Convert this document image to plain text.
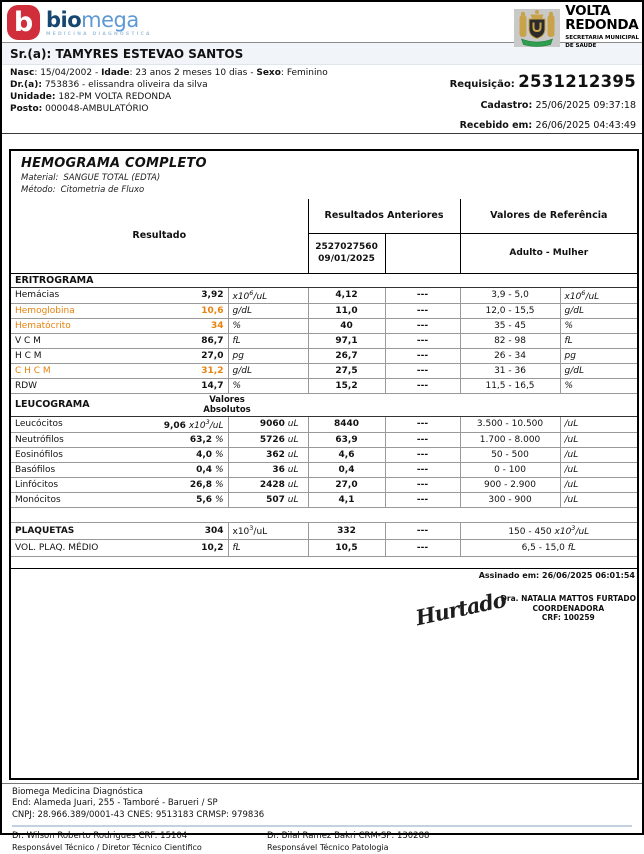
b biomega
MEDICINA DIAGNÓSTICA
VOLTA
REDONDA
SECRETARIA MUNICIPAL
DE SAUDE
Sr.(a): TAMYRES ESTEVAO SANTOS
Nasc: 15/04/2002 - Idade: 23 anos 2 meses 10 dias - Sexo: Feminino
Dr.(a): 753836 - elissandra oliveira da silva
Unidade: 182-PM VOLTA REDONDA
Posto: 000048-AMBULATÓRIO
Requisição: 2531212395
Cadastro: 25/06/2025 09:37:18
Recebido em: 26/06/2025 04:43:49
HEMOGRAMA COMPLETO
Material: SANGUE TOTAL (EDTA)
Método: Citometria de Fluxo
Resultado			Resultados Anteriores		Valores de Referência	

			2527027560
09/01/2025		Adulto - Mulher	
ERITROGRAMA						
Hemácias	3,92	$x10^6/uL$	4,12	---	3,9 - 5,0	$x10^6/uL$
Hemoglobina	10,6	g/dL	11,0	---	12,0 - 15,5	g/dL
Hematócrito	34	%	40	---	35 - 45	%
V C M	86,7	fL	97,1	---	82 - 98	fL
H C M	27,0	pg	26,7	---	26 - 34	pg
C H C M	31,2	g/dL	27,5	---	31 - 36	g/dL
RDW	14,7	%	15,2	---	11,5 - 16,5	%
LEUCOGRAMA	Valores
Absolutos					

Leucócitos	9,06 $x10^3/uL$	9060 uL	8440	---	3.500 - 10.500	/uL
Neutrófilos	63,2 %	5726 uL	63,9	---	1.700 - 8.000	/uL
Eosinófilos	4,0 %	362 uL	4,6	---	50 - 500	/uL
Basófilos	0,4 %	36 uL	0,4	---	0 - 100	/uL
Linfócitos	26,8 %	2428 uL	27,0	---	900 - 2.900	/uL
Monócitos	5,6 %	507 uL	4,1	---	300 - 900	/uL

PLAQUETAS	304	$x10^3/uL$	332	---	150 - 450 $x10^3/uL$	
VOL. PLAQ. MÉDIO	10,2	fL	10,5	---	6,5 - 15,0 fL	

Assinado em: 26/06/2025 06:01:54
Hurtado
Dra. NATALIA MATTOS FURTADO
COORDENADORA
CRF: 100259
Biomega Medicina Diagnóstica
End: Alameda Juari, 255 - Tamboré - Barueri / SP
CNPJ: 28.966.389/0001-43 CNES: 9513183 CRMSP: 979836
Dr. Wilson Roberto Rodrigues CRF: 15104
Responsável Técnico / Diretor Técnico Cientifico
Dr. Bilal Ramez Bakri CRM-SP: 130288
Responsável Técnico Patologia
